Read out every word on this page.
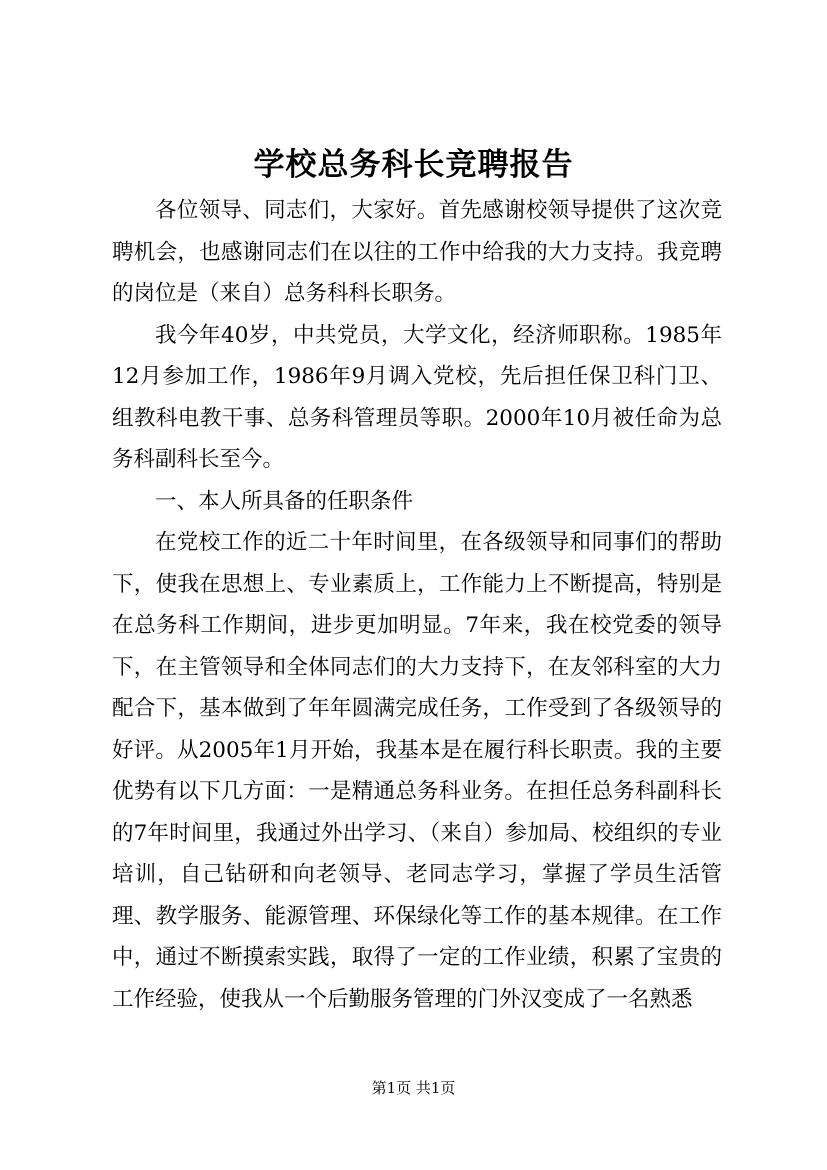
学校总务科长竞聘报告

各位领导、同志们，大家好。首先感谢校领导提供了这次竞聘机会，也感谢同志们在以往的工作中给我的大力支持。我竞聘的岗位是（来自）总务科科长职务。

我今年40岁，中共党员，大学文化，经济师职称。1985年12月参加工作，1986年9月调入党校，先后担任保卫科门卫、组教科电教干事、总务科管理员等职。2000年10月被任命为总务科副科长至今。

一、本人所具备的任职条件

在党校工作的近二十年时间里，在各级领导和同事们的帮助下，使我在思想上、专业素质上，工作能力上不断提高，特别是在总务科工作期间，进步更加明显。7年来，我在校党委的领导下，在主管领导和全体同志们的大力支持下，在友邻科室的大力配合下，基本做到了年年圆满完成任务，工作受到了各级领导的好评。从2005年1月开始，我基本是在履行科长职责。我的主要优势有以下几方面：一是精通总务科业务。在担任总务科副科长的7年时间里，我通过外出学习、（来自）参加局、校组织的专业培训，自己钻研和向老领导、老同志学习，掌握了学员生活管理、教学服务、能源管理、环保绿化等工作的基本规律。在工作中，通过不断摸索实践，取得了一定的工作业绩，积累了宝贵的工作经验，使我从一个后勤服务管理的门外汉变成了一名熟悉

第1页 共1页
